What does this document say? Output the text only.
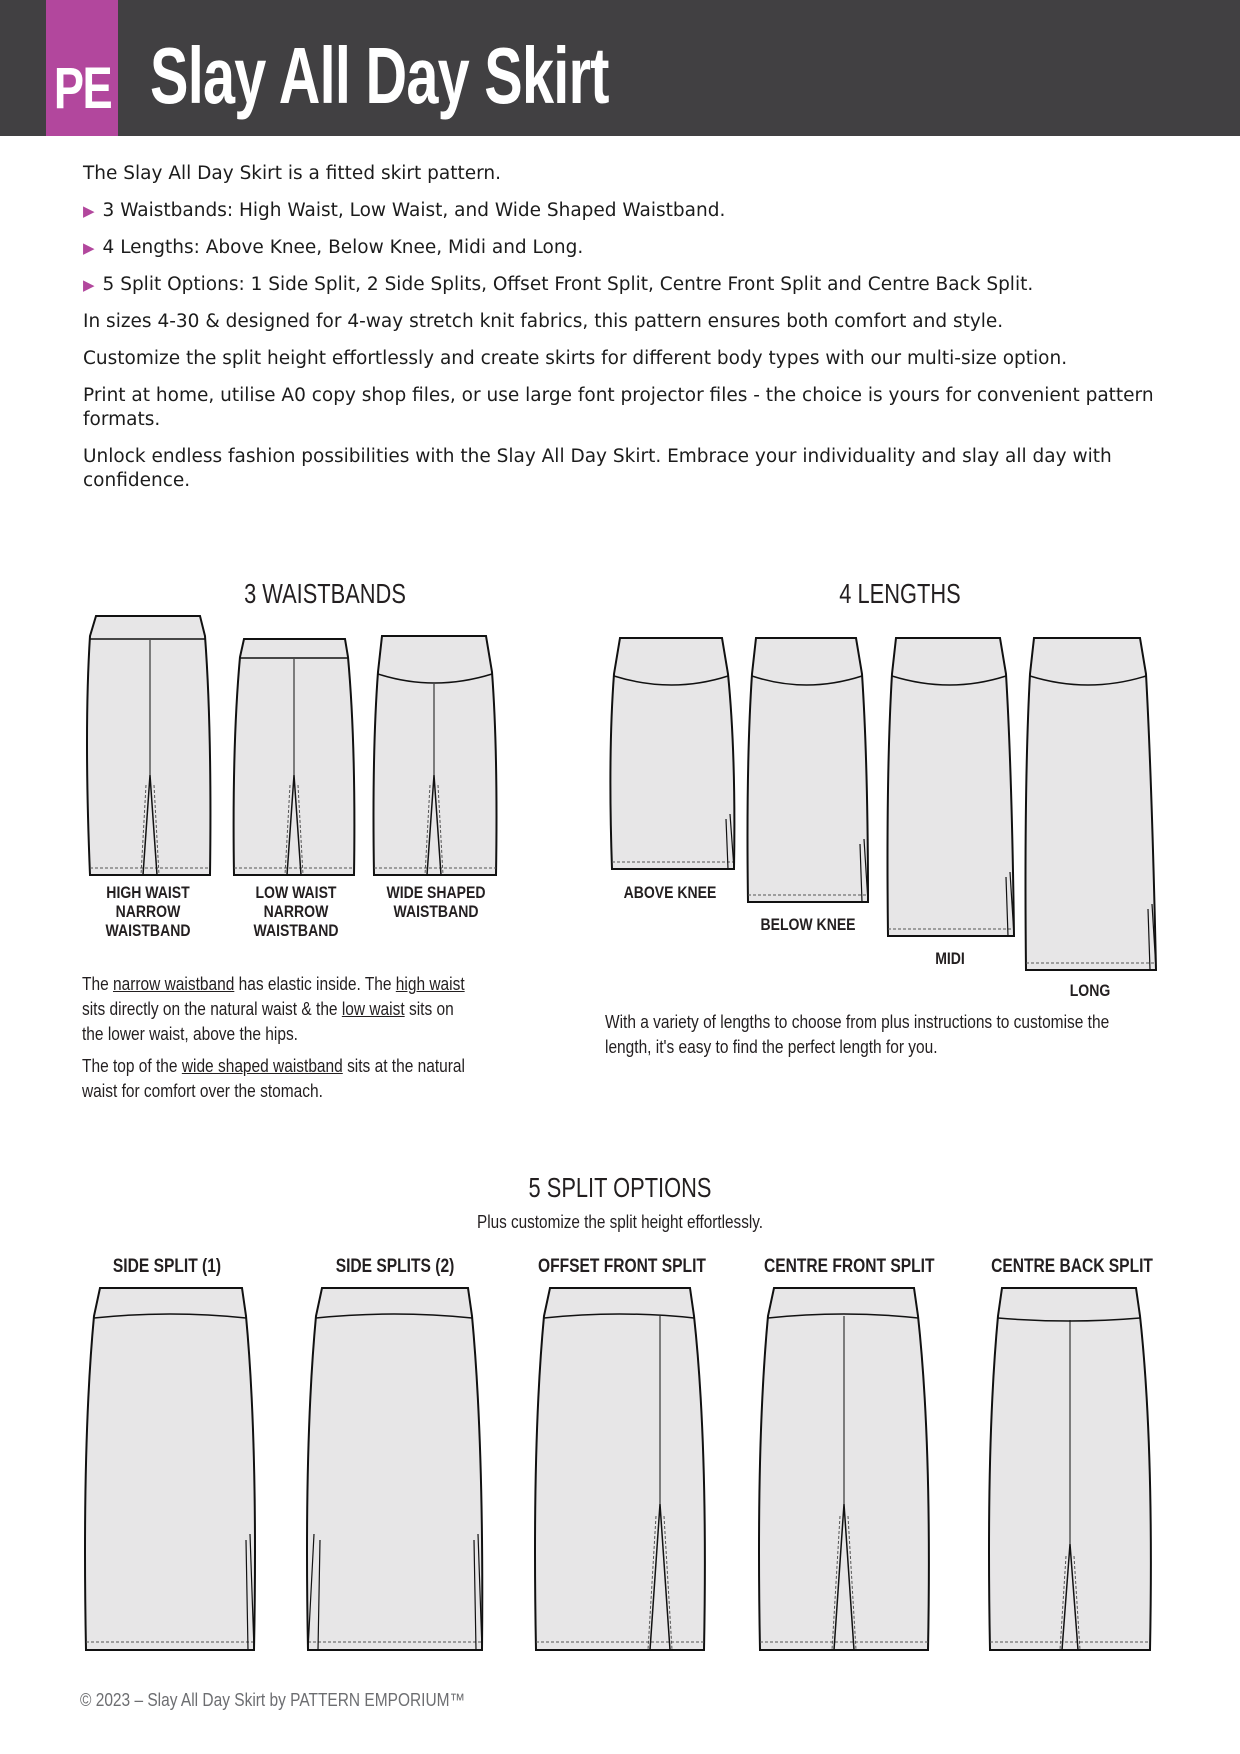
PE Slay All Day Skirt

The Slay All Day Skirt is a fitted skirt pattern.

▶ 3 Waistbands: High Waist, Low Waist, and Wide Shaped Waistband.
▶ 4 Lengths: Above Knee, Below Knee, Midi and Long.
▶ 5 Split Options: 1 Side Split, 2 Side Splits, Offset Front Split, Centre Front Split and Centre Back Split.

In sizes 4-30 & designed for 4-way stretch knit fabrics, this pattern ensures both comfort and style.

Customize the split height effortlessly and create skirts for different body types with our multi-size option.

Print at home, utilise A0 copy shop files, or use large font projector files - the choice is yours for convenient pattern formats.

Unlock endless fashion possibilities with the Slay All Day Skirt. Embrace your individuality and slay all day with confidence.

3 WAISTBANDS
HIGH WAIST
NARROW
WAISTBAND
LOW WAIST
NARROW
WAISTBAND
WIDE SHAPED
WAISTBAND

The narrow waistband has elastic inside. The high waist sits directly on the natural waist & the low waist sits on the lower waist, above the hips.

The top of the wide shaped waistband sits at the natural waist for comfort over the stomach.

4 LENGTHS
ABOVE KNEE
BELOW KNEE
MIDI
LONG

With a variety of lengths to choose from plus instructions to customise the length, it's easy to find the perfect length for you.

5 SPLIT OPTIONS
Plus customize the split height effortlessly.
SIDE SPLIT (1)	SIDE SPLITS (2)	OFFSET FRONT SPLIT	CENTRE FRONT SPLIT	CENTRE BACK SPLIT
© 2023 – Slay All Day Skirt by PATTERN EMPORIUM™
